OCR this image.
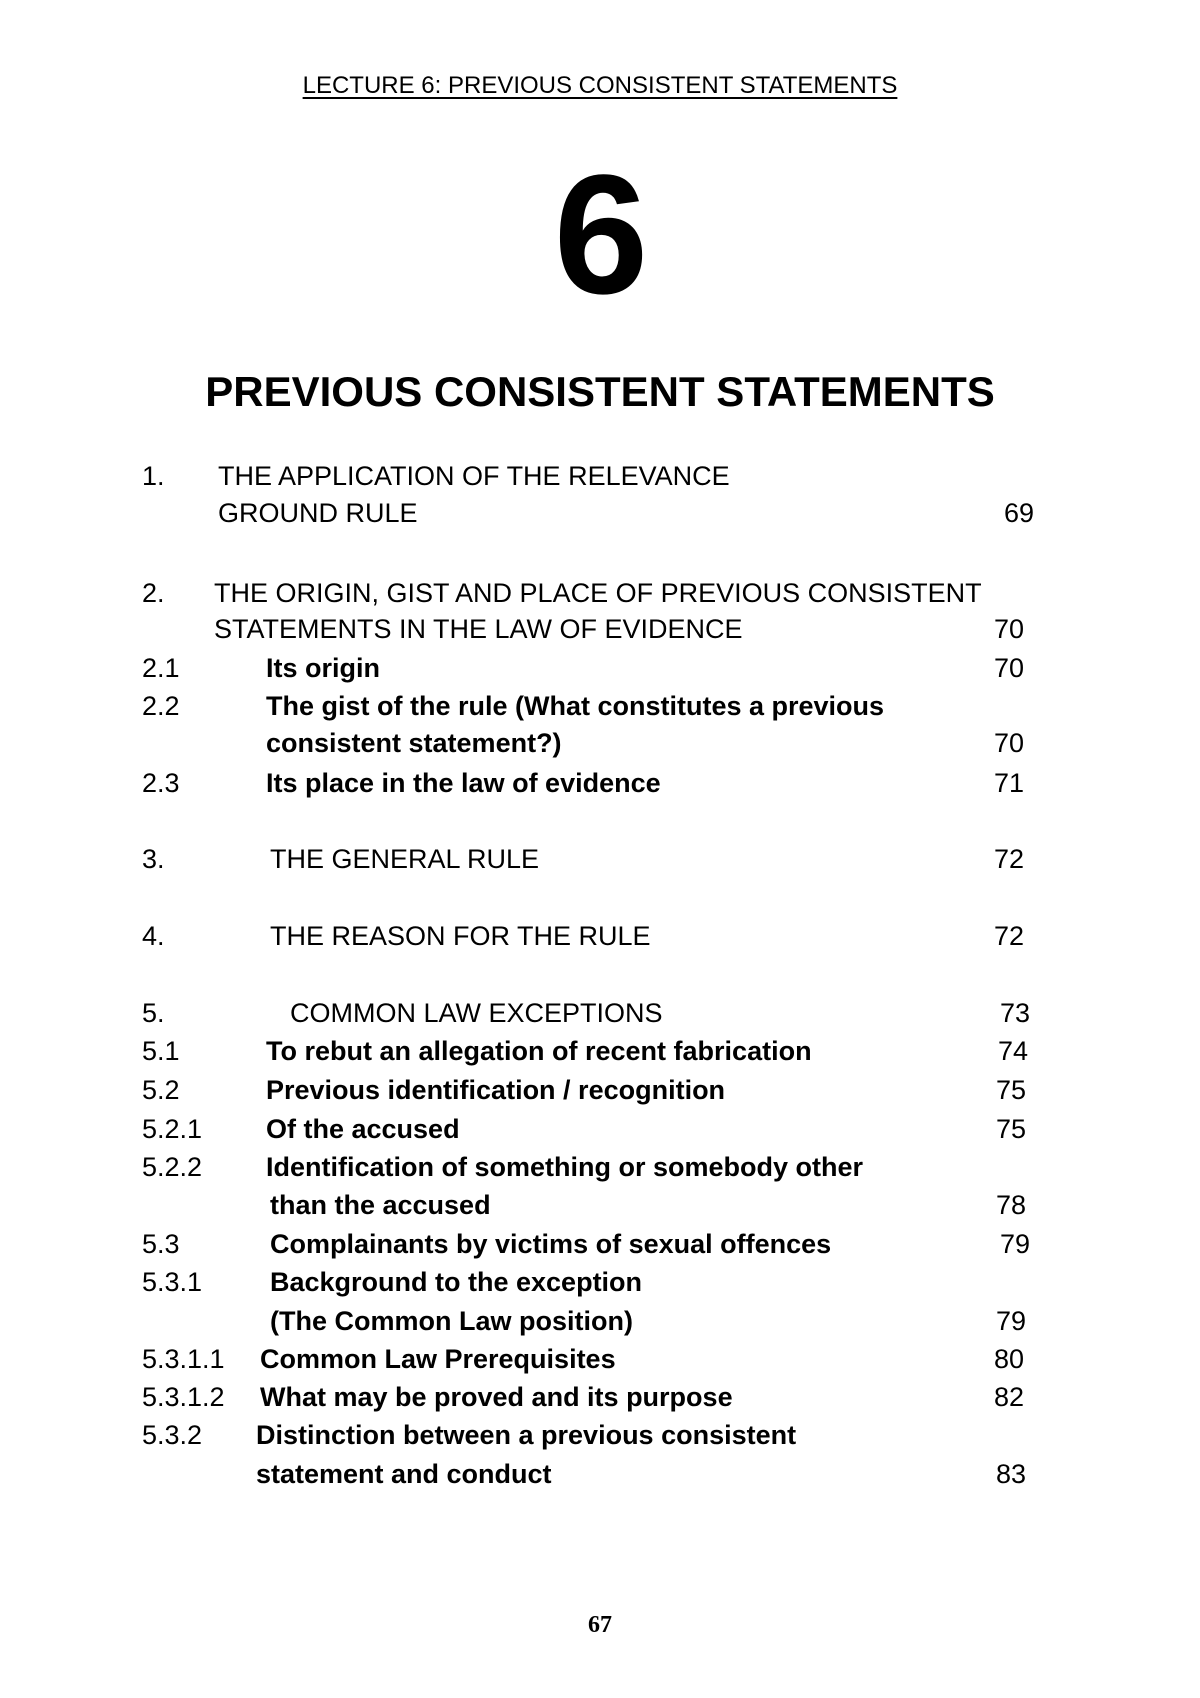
LECTURE 6: PREVIOUS CONSISTENT STATEMENTS
6
PREVIOUS CONSISTENT STATEMENTS
1. THE APPLICATION OF THE RELEVANCE
GROUND RULE	69
2. THE ORIGIN, GIST AND PLACE OF PREVIOUS CONSISTENT
STATEMENTS IN THE LAW OF EVIDENCE	70
2.1	Its origin	70
2.2	The gist of the rule (What constitutes a previous
consistent statement?)	70
2.3	Its place in the law of evidence	71
3.	THE GENERAL RULE	72
4.	THE REASON FOR THE RULE	72
5.	COMMON LAW EXCEPTIONS	73
5.1	To rebut an allegation of recent fabrication	74
5.2	Previous identification / recognition	75
5.2.1 Of the accused	75
5.2.2 Identification of something or somebody other
than the accused	78
5.3	Complainants by victims of sexual offences	79
5.3.1	Background to the exception
(The Common Law position)	79
5.3.1.1 Common Law Prerequisites	80
5.3.1.2 What may be proved and its purpose	82
5.3.2 Distinction between a previous consistent
statement and conduct	83
67
